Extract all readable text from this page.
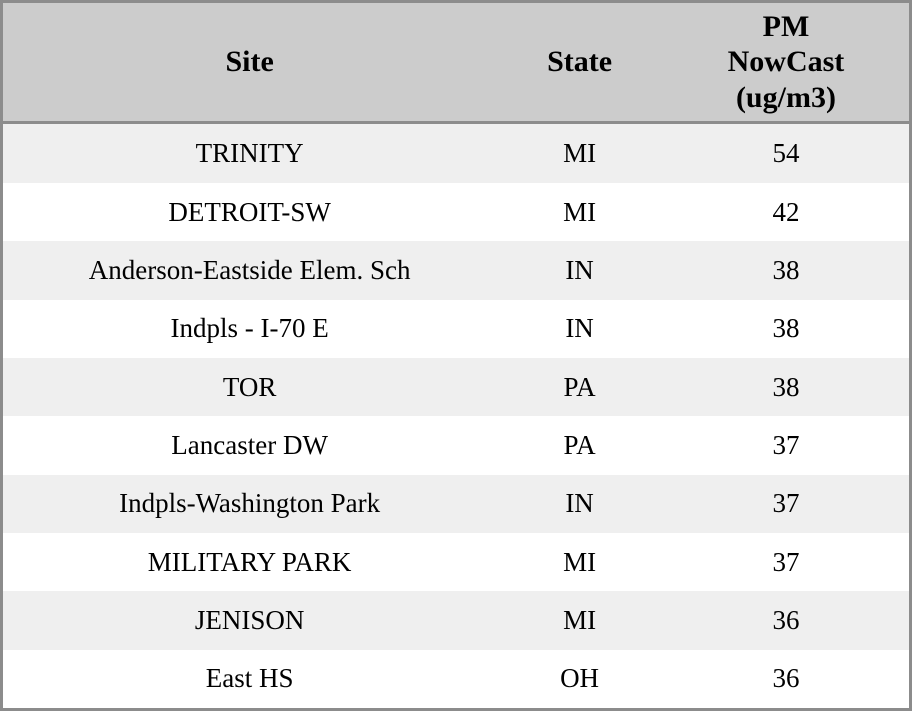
Site	State	PM
NowCast
(ug/m3)

TRINITY	MI	54
DETROIT-SW	MI	42
Anderson-Eastside Elem. Sch	IN	38
Indpls - I-70 E	IN	38
TOR	PA	38
Lancaster DW	PA	37
Indpls-Washington Park	IN	37
MILITARY PARK	MI	37
JENISON	MI	36
East HS	OH	36
